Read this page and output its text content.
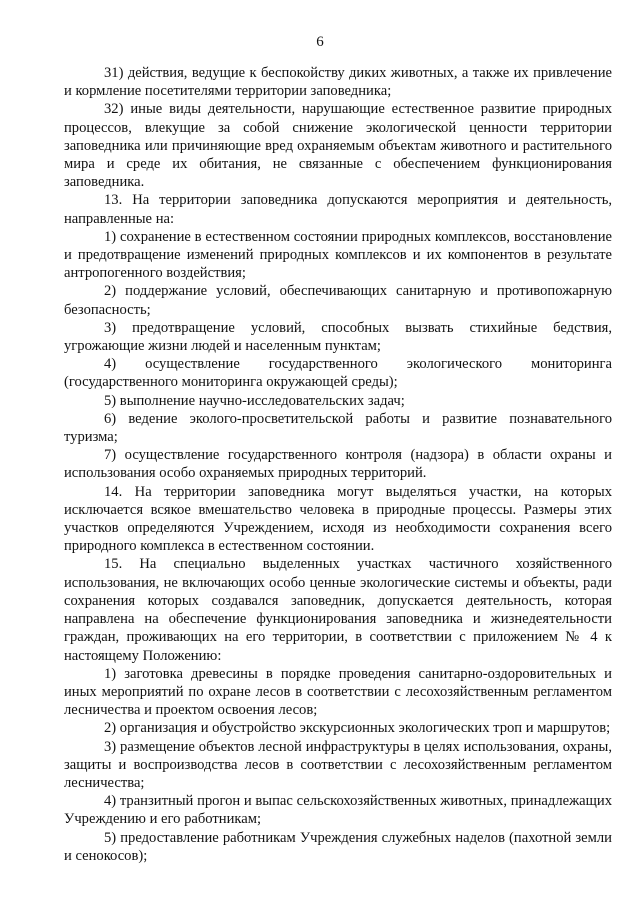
6

31) действия, ведущие к беспокойству диких животных, а также их привлечение и кормление посетителями территории заповедника;

32) иные виды деятельности, нарушающие естественное развитие природных процессов, влекущие за собой снижение экологической ценности территории заповедника или причиняющие вред охраняемым объектам животного и растительного мира и среде их обитания, не связанные с обеспечением функционирования заповедника.

13. На территории заповедника допускаются мероприятия и деятельность, направленные на:

1) сохранение в естественном состоянии природных комплексов, восстановление и предотвращение изменений природных комплексов и их компонентов в результате антропогенного воздействия;

2) поддержание условий, обеспечивающих санитарную и противопожарную безопасность;

3) предотвращение условий, способных вызвать стихийные бедствия, угрожающие жизни людей и населенным пунктам;

4) осуществление государственного экологического мониторинга (государственного мониторинга окружающей среды);

5) выполнение научно-исследовательских задач;

6) ведение эколого-просветительской работы и развитие познавательного туризма;

7) осуществление государственного контроля (надзора) в области охраны и использования особо охраняемых природных территорий.

14. На территории заповедника могут выделяться участки, на которых исключается всякое вмешательство человека в природные процессы. Размеры этих участков определяются Учреждением, исходя из необходимости сохранения всего природного комплекса в естественном состоянии.

15. На специально выделенных участках частичного хозяйственного использования, не включающих особо ценные экологические системы и объекты, ради сохранения которых создавался заповедник, допускается деятельность, которая направлена на обеспечение функционирования заповедника и жизнедеятельности граждан, проживающих на его территории, в соответствии с приложением № 4 к настоящему Положению:

1) заготовка древесины в порядке проведения санитарно-оздоровительных и иных мероприятий по охране лесов в соответствии с лесохозяйственным регламентом лесничества и проектом освоения лесов;

2) организация и обустройство экскурсионных экологических троп и маршрутов;

3) размещение объектов лесной инфраструктуры в целях использования, охраны, защиты и воспроизводства лесов в соответствии с лесохозяйственным регламентом лесничества;

4) транзитный прогон и выпас сельскохозяйственных животных, принадлежащих Учреждению и его работникам;

5) предоставление работникам Учреждения служебных наделов (пахотной земли и сенокосов);
